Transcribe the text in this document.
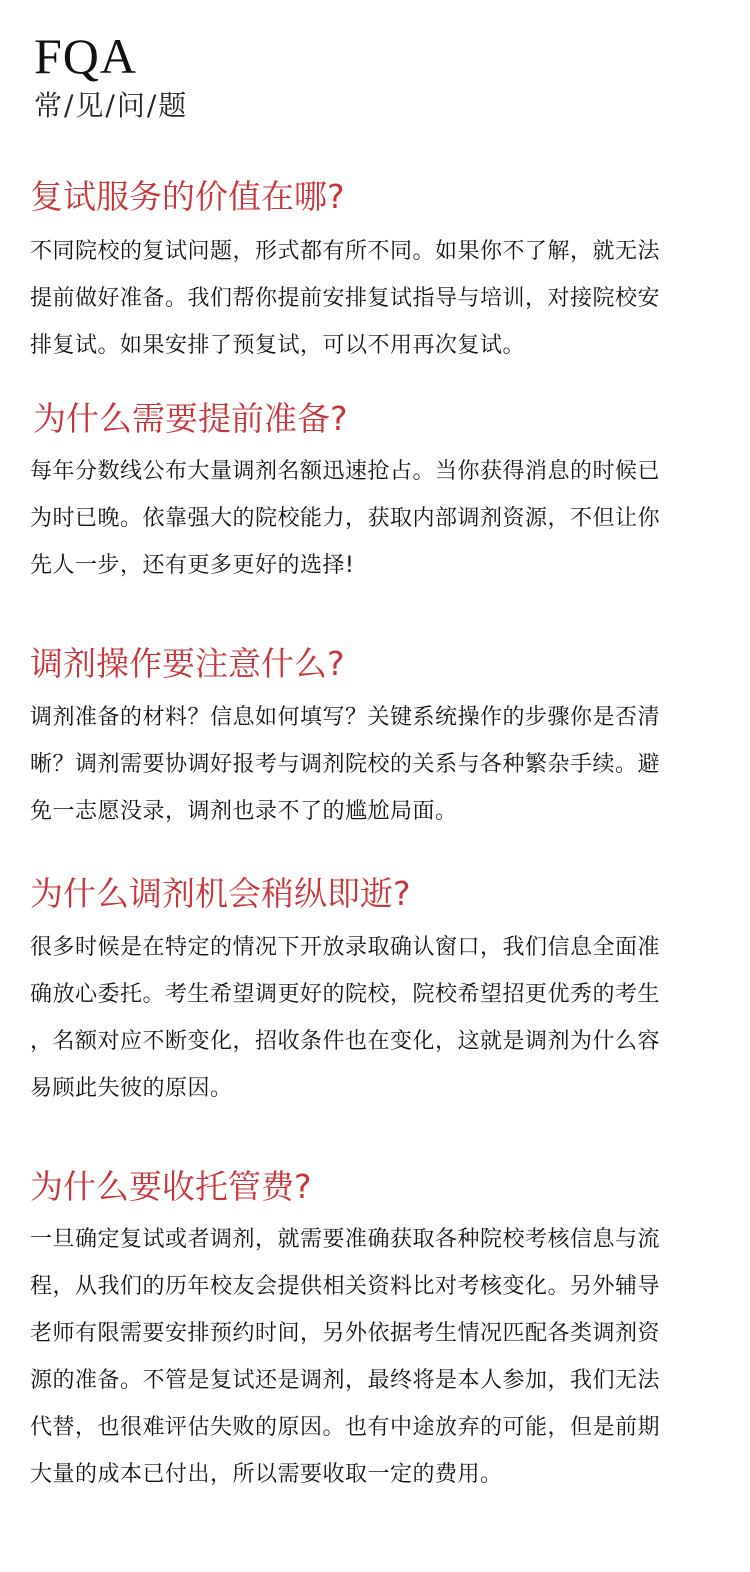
FQA
常/见/问/题
复试服务的价值在哪?
不同院校的复试问题，形式都有所不同。如果你不了解，就无法
提前做好准备。我们帮你提前安排复试指导与培训，对接院校安
排复试。如果安排了预复试，可以不用再次复试。
为什么需要提前准备?
每年分数线公布大量调剂名额迅速抢占。当你获得消息的时候已
为时已晚。依靠强大的院校能力，获取内部调剂资源，不但让你
先人一步，还有更多更好的选择!
调剂操作要注意什么?
调剂准备的材料？信息如何填写？关键系统操作的步骤你是否清
晰？调剂需要协调好报考与调剂院校的关系与各种繁杂手续。避
免一志愿没录，调剂也录不了的尴尬局面。
为什么调剂机会稍纵即逝?
很多时候是在特定的情况下开放录取确认窗口，我们信息全面准
确放心委托。考生希望调更好的院校，院校希望招更优秀的考生
，名额对应不断变化，招收条件也在变化，这就是调剂为什么容
易顾此失彼的原因。
为什么要收托管费?
一旦确定复试或者调剂，就需要准确获取各种院校考核信息与流
程，从我们的历年校友会提供相关资料比对考核变化。另外辅导
老师有限需要安排预约时间，另外依据考生情况匹配各类调剂资
源的准备。不管是复试还是调剂，最终将是本人参加，我们无法
代替，也很难评估失败的原因。也有中途放弃的可能，但是前期
大量的成本已付出，所以需要收取一定的费用。
